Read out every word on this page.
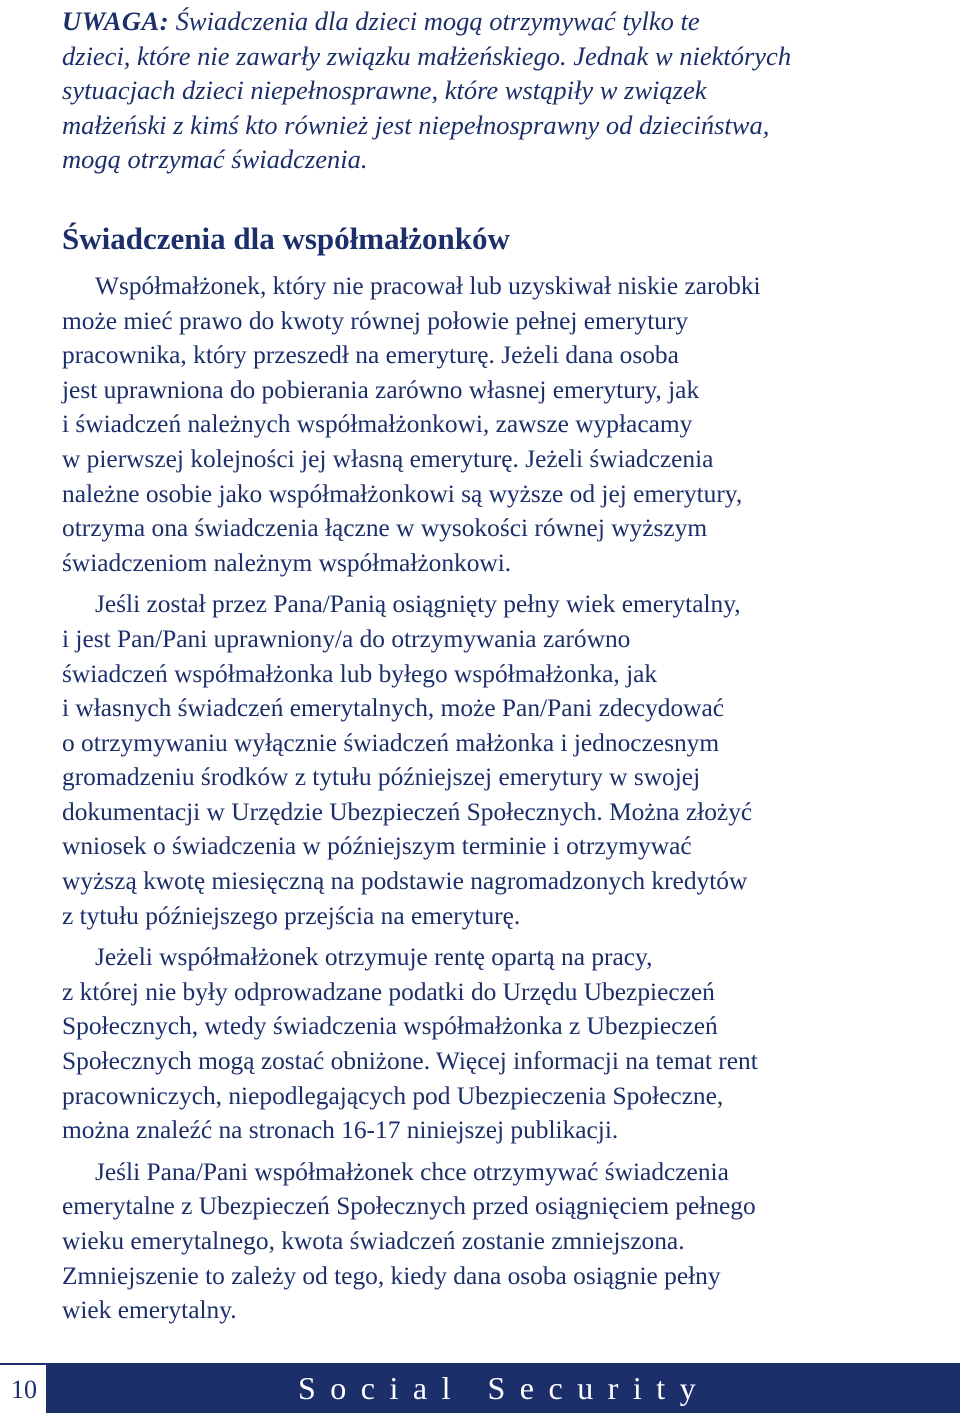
UWAGA: Świadczenia dla dzieci mogą otrzymywać tylko te
dzieci, które nie zawarły związku małżeńskiego. Jednak w niektórych
sytuacjach dzieci niepełnosprawne, które wstąpiły w związek
małżeński z kimś kto również jest niepełnosprawny od dzieciństwa,
mogą otrzymać świadczenia.

Świadczenia dla współmałżonków

Współmałżonek, który nie pracował lub uzyskiwał niskie zarobki
może mieć prawo do kwoty równej połowie pełnej emerytury
pracownika, który przeszedł na emeryturę. Jeżeli dana osoba
jest uprawniona do pobierania zarówno własnej emerytury, jak
i świadczeń należnych współmałżonkowi, zawsze wypłacamy
w pierwszej kolejności jej własną emeryturę. Jeżeli świadczenia
należne osobie jako współmałżonkowi są wyższe od jej emerytury,
otrzyma ona świadczenia łączne w wysokości równej wyższym
świadczeniom należnym współmałżonkowi.

Jeśli został przez Pana/Panią osiągnięty pełny wiek emerytalny,
i jest Pan/Pani uprawniony/a do otrzymywania zarówno
świadczeń współmałżonka lub byłego współmałżonka, jak
i własnych świadczeń emerytalnych, może Pan/Pani zdecydować
o otrzymywaniu wyłącznie świadczeń małżonka i jednoczesnym
gromadzeniu środków z tytułu późniejszej emerytury w swojej
dokumentacji w Urzędzie Ubezpieczeń Społecznych. Można złożyć
wniosek o świadczenia w późniejszym terminie i otrzymywać
wyższą kwotę miesięczną na podstawie nagromadzonych kredytów
z tytułu późniejszego przejścia na emeryturę.

Jeżeli współmałżonek otrzymuje rentę opartą na pracy,
z której nie były odprowadzane podatki do Urzędu Ubezpieczeń
Społecznych, wtedy świadczenia współmałżonka z Ubezpieczeń
Społecznych mogą zostać obniżone. Więcej informacji na temat rent
pracowniczych, niepodlegających pod Ubezpieczenia Społeczne,
można znaleźć na stronach 16-17 niniejszej publikacji.

Jeśli Pana/Pani współmałżonek chce otrzymywać świadczenia
emerytalne z Ubezpieczeń Społecznych przed osiągnięciem pełnego
wieku emerytalnego, kwota świadczeń zostanie zmniejszona.
Zmniejszenie to zależy od tego, kiedy dana osoba osiągnie pełny
wiek emerytalny.

10	Social Security
